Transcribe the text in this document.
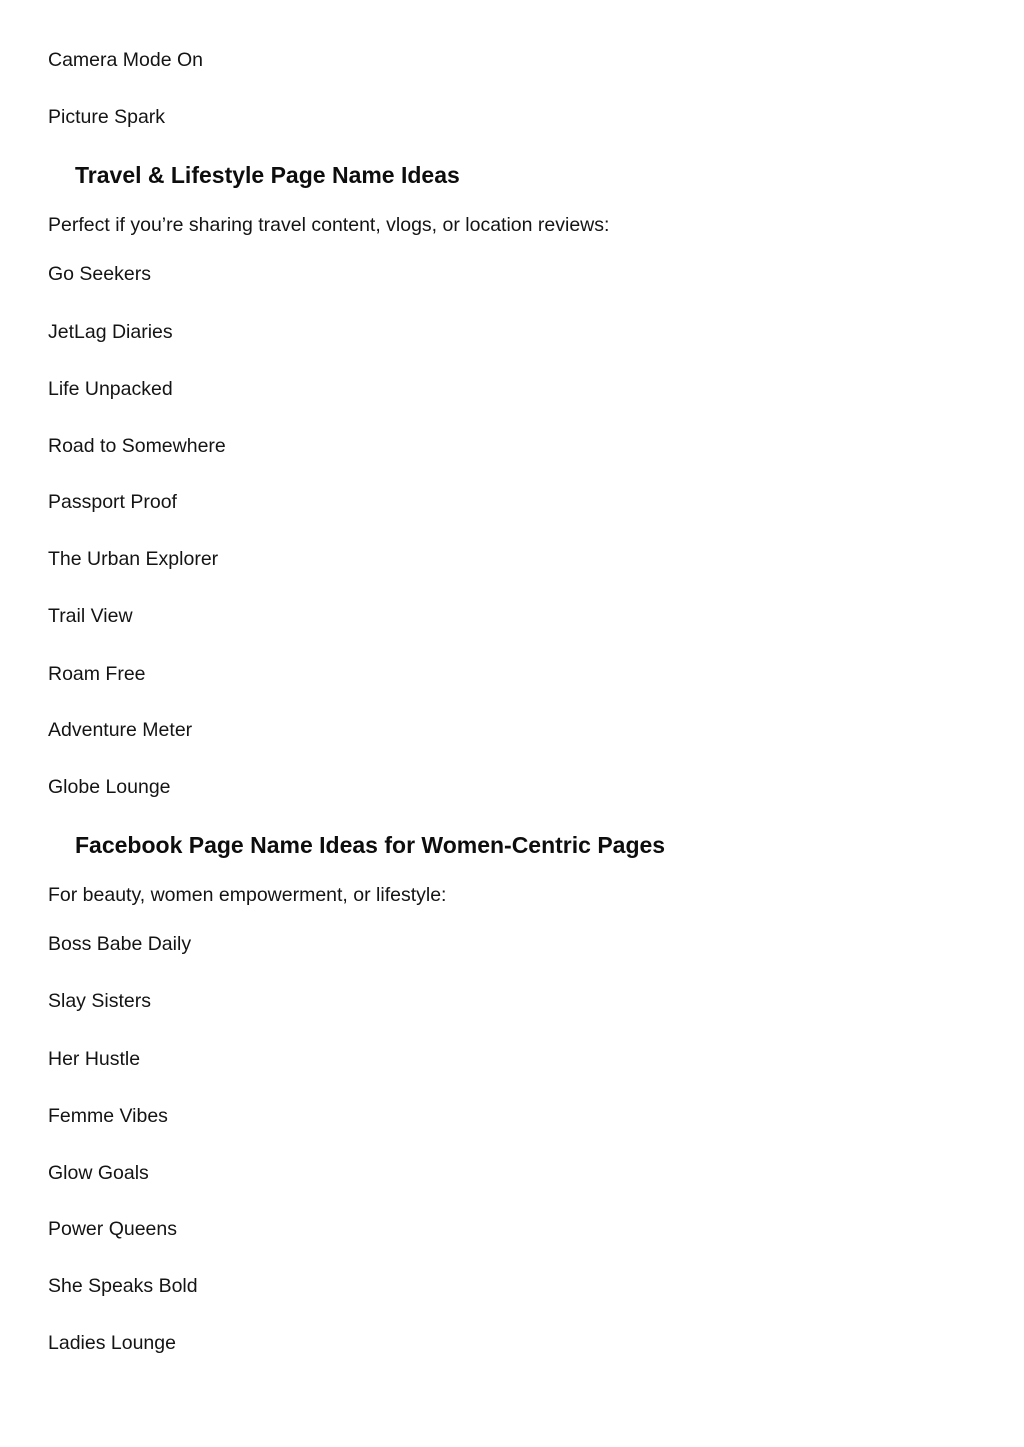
Camera Mode On
Picture Spark
Travel & Lifestyle Page Name Ideas
Perfect if you’re sharing travel content, vlogs, or location reviews:
Go Seekers
JetLag Diaries
Life Unpacked
Road to Somewhere
Passport Proof
The Urban Explorer
Trail View
Roam Free
Adventure Meter
Globe Lounge
Facebook Page Name Ideas for Women-Centric Pages
For beauty, women empowerment, or lifestyle:
Boss Babe Daily
Slay Sisters
Her Hustle
Femme Vibes
Glow Goals
Power Queens
She Speaks Bold
Ladies Lounge
